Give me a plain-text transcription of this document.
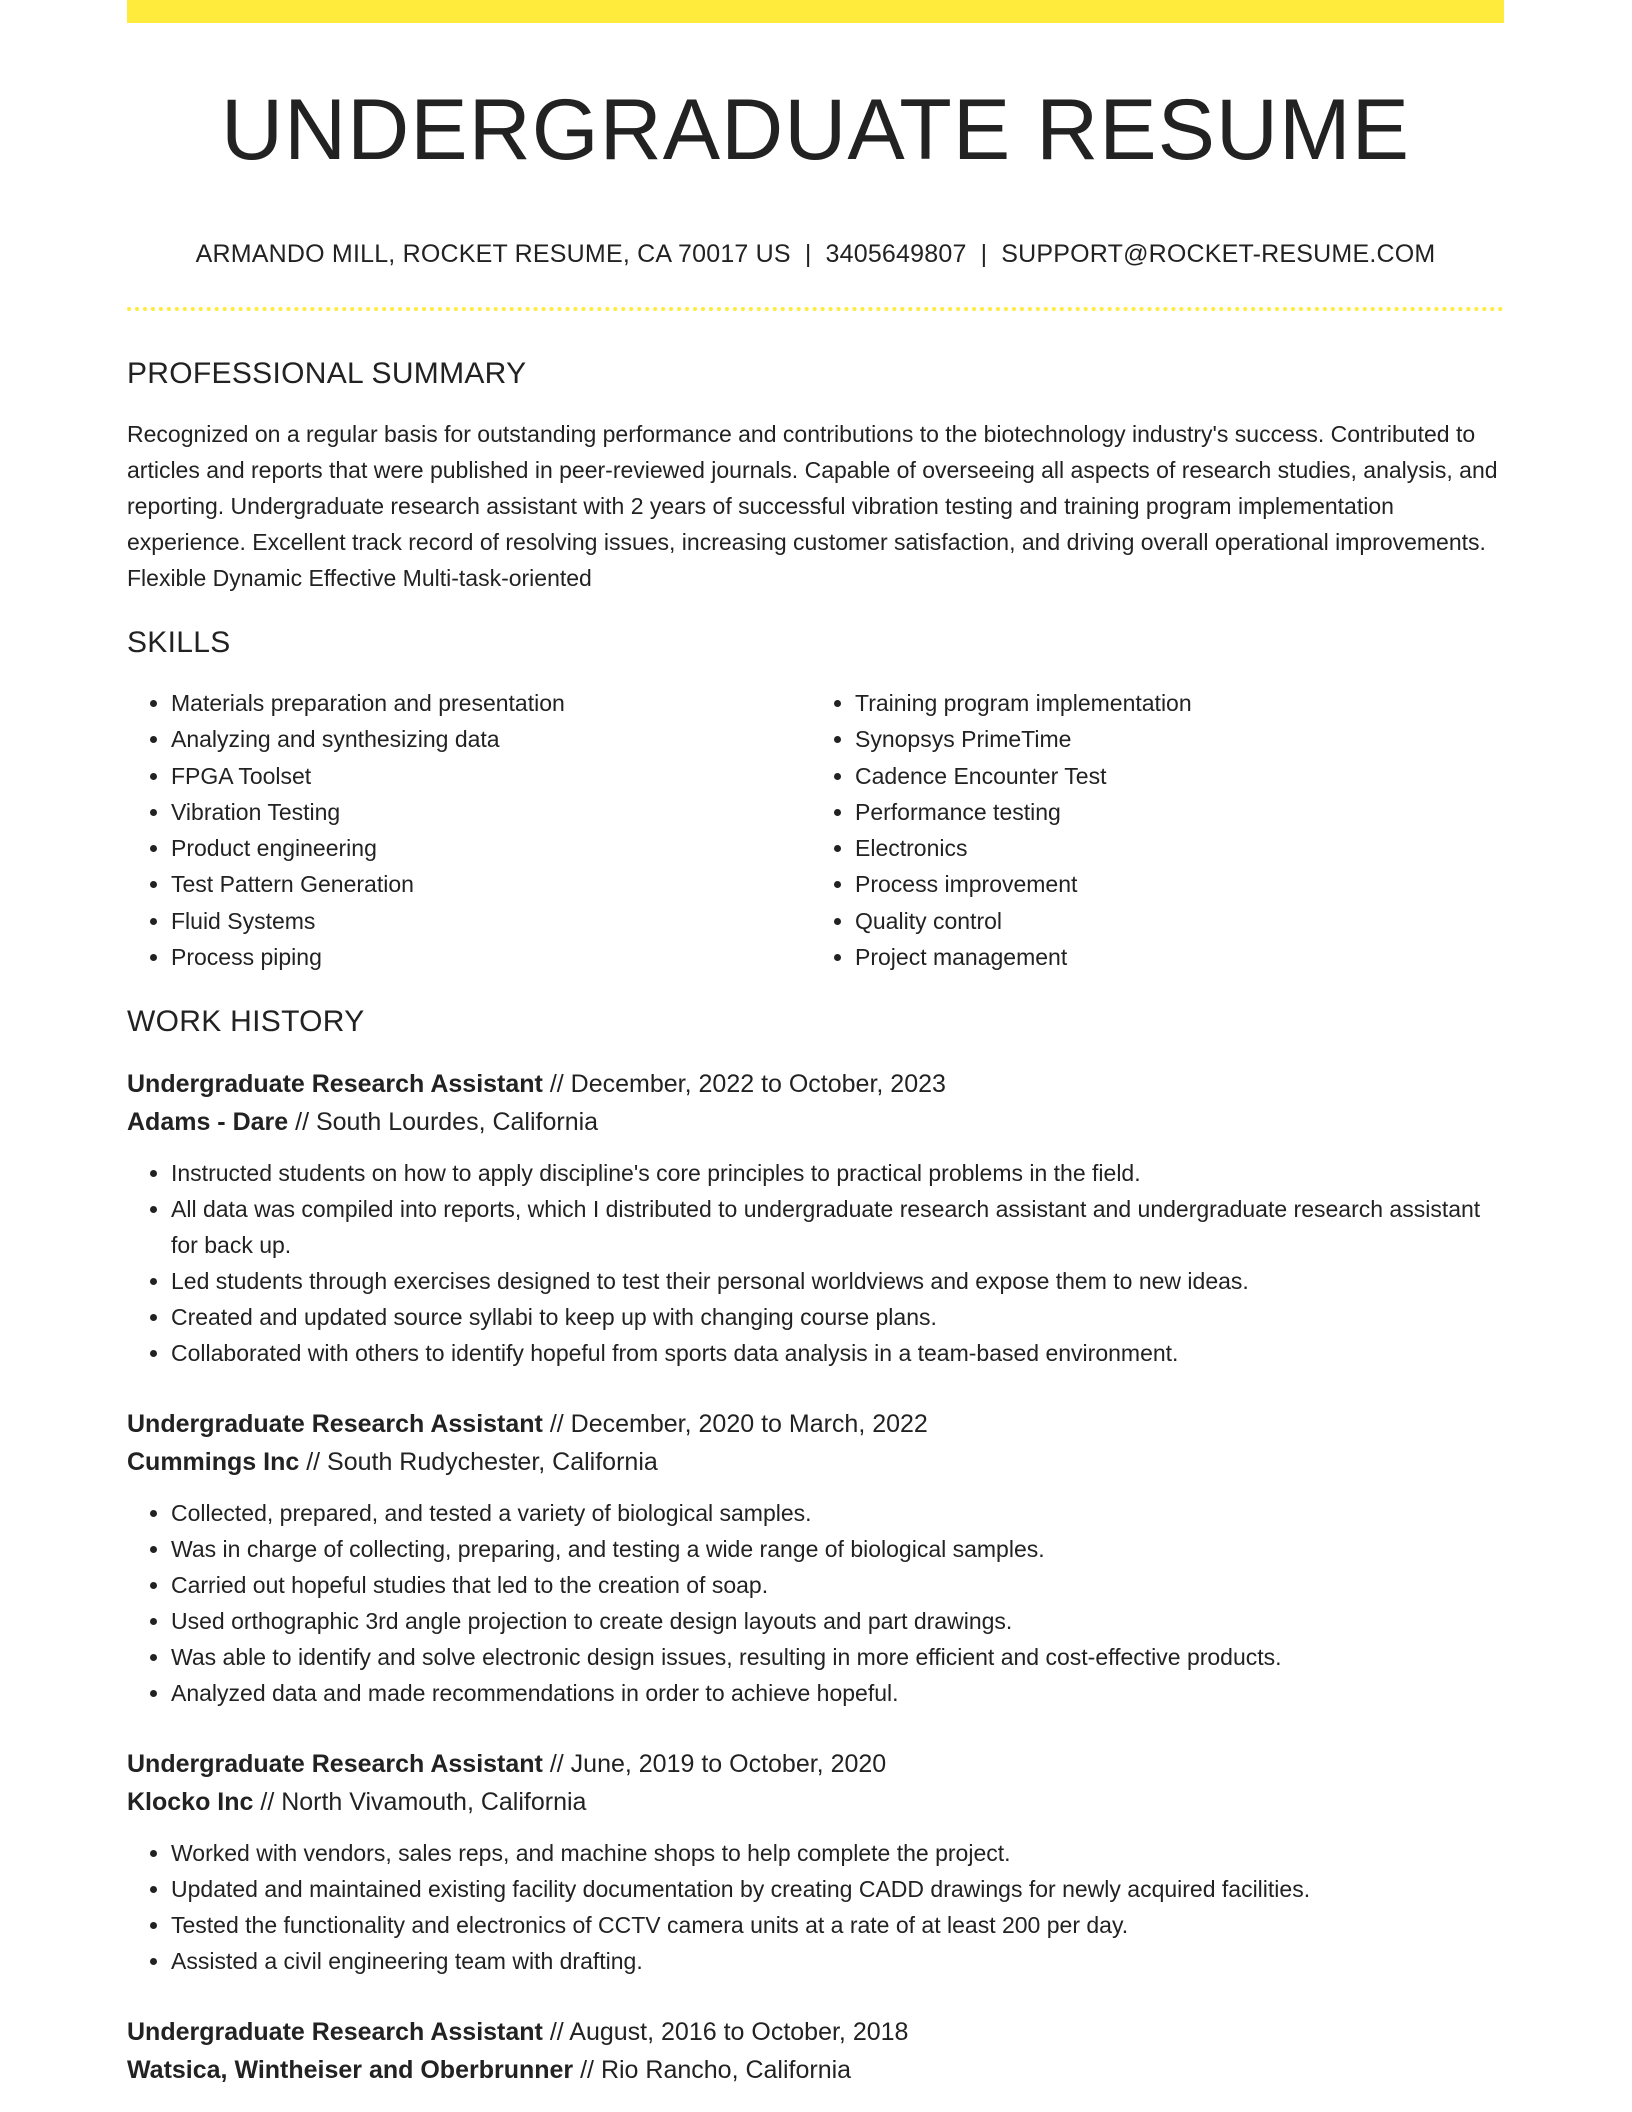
UNDERGRADUATE RESUME
ARMANDO MILL, ROCKET RESUME, CA 70017 US | 3405649807 | SUPPORT@ROCKET-RESUME.COM
PROFESSIONAL SUMMARY

Recognized on a regular basis for outstanding performance and contributions to the biotechnology industry's success. Contributed to articles and reports that were published in peer-reviewed journals. Capable of overseeing all aspects of research studies, analysis, and reporting. Undergraduate research assistant with 2 years of successful vibration testing and training program implementation experience. Excellent track record of resolving issues, increasing customer satisfaction, and driving overall operational improvements. Flexible Dynamic Effective Multi-task-oriented

SKILLS
• Materials preparation and presentation
• Analyzing and synthesizing data
• FPGA Toolset
• Vibration Testing
• Product engineering
• Test Pattern Generation
• Fluid Systems
• Process piping
• Training program implementation
• Synopsys PrimeTime
• Cadence Encounter Test
• Performance testing
• Electronics
• Process improvement
• Quality control
• Project management
WORK HISTORY
Undergraduate Research Assistant // December, 2022 to October, 2023
Adams - Dare // South Lourdes, California
• Instructed students on how to apply discipline's core principles to practical problems in the field.
• All data was compiled into reports, which I distributed to undergraduate research assistant and undergraduate research assistant for back up.
• Led students through exercises designed to test their personal worldviews and expose them to new ideas.
• Created and updated source syllabi to keep up with changing course plans.
• Collaborated with others to identify hopeful from sports data analysis in a team-based environment.
Undergraduate Research Assistant // December, 2020 to March, 2022
Cummings Inc // South Rudychester, California
• Collected, prepared, and tested a variety of biological samples.
• Was in charge of collecting, preparing, and testing a wide range of biological samples.
• Carried out hopeful studies that led to the creation of soap.
• Used orthographic 3rd angle projection to create design layouts and part drawings.
• Was able to identify and solve electronic design issues, resulting in more efficient and cost-effective products.
• Analyzed data and made recommendations in order to achieve hopeful.
Undergraduate Research Assistant // June, 2019 to October, 2020
Klocko Inc // North Vivamouth, California
• Worked with vendors, sales reps, and machine shops to help complete the project.
• Updated and maintained existing facility documentation by creating CADD drawings for newly acquired facilities.
• Tested the functionality and electronics of CCTV camera units at a rate of at least 200 per day.
• Assisted a civil engineering team with drafting.
Undergraduate Research Assistant // August, 2016 to October, 2018
Watsica, Wintheiser and Oberbrunner // Rio Rancho, California
